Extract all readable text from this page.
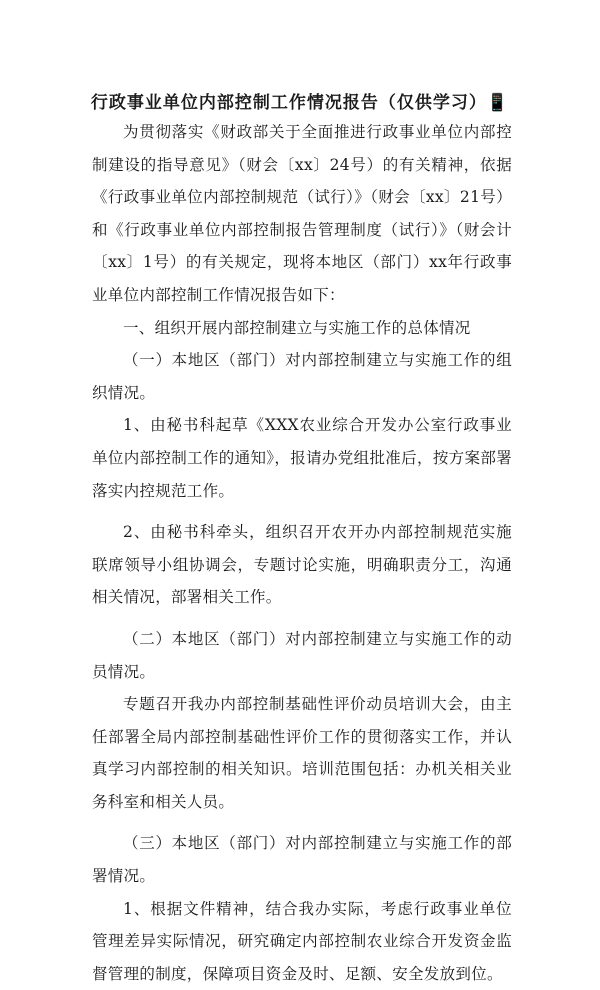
行政事业单位内部控制工作情况报告（仅供学习）📱

为贯彻落实《财政部关于全面推进行政事业单位内部控制建设的指导意见》（财会〔xx〕24号）的有关精神，依据《行政事业单位内部控制规范（试行）》（财会〔xx〕21号）和《行政事业单位内部控制报告管理制度（试行）》（财会计〔xx〕1号）的有关规定，现将本地区（部门）xx年行政事业单位内部控制工作情况报告如下：

一、组织开展内部控制建立与实施工作的总体情况

（一）本地区（部门）对内部控制建立与实施工作的组织情况。

1、由秘书科起草《XXX农业综合开发办公室行政事业单位内部控制工作的通知》，报请办党组批准后，按方案部署落实内控规范工作。

2、由秘书科牵头，组织召开农开办内部控制规范实施联席领导小组协调会，专题讨论实施，明确职责分工，沟通相关情况，部署相关工作。

（二）本地区（部门）对内部控制建立与实施工作的动员情况。

专题召开我办内部控制基础性评价动员培训大会，由主任部署全局内部控制基础性评价工作的贯彻落实工作，并认真学习内部控制的相关知识。培训范围包括：办机关相关业务科室和相关人员。

（三）本地区（部门）对内部控制建立与实施工作的部署情况。

1、根据文件精神，结合我办实际，考虑行政事业单位管理差异实际情况，研究确定内部控制农业综合开发资金监督管理的制度，保障项目资金及时、足额、安全发放到位。
